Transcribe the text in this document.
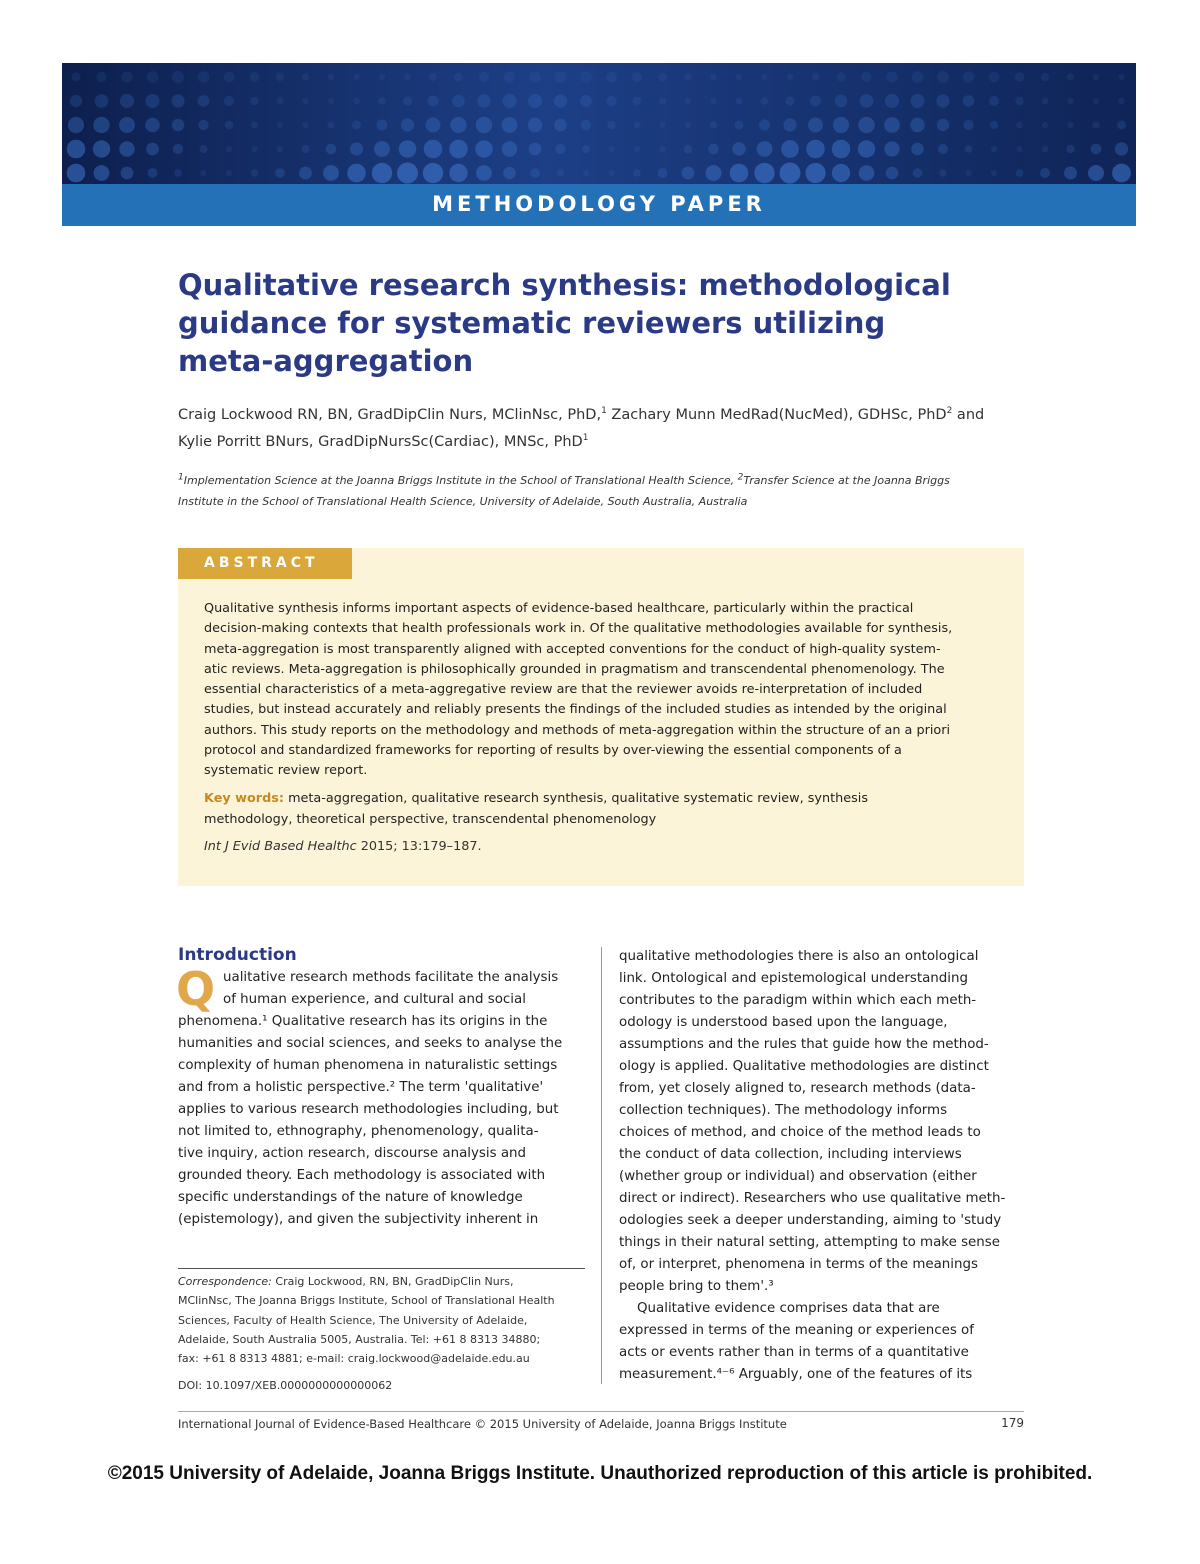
METHODOLOGY PAPER
Qualitative research synthesis: methodological
guidance for systematic reviewers utilizing
meta-aggregation
Craig Lockwood RN, BN, GradDipClin Nurs, MClinNsc, PhD,$^1$ Zachary Munn MedRad(NucMed), GDHSc, PhD$^2$ and
Kylie Porritt BNurs, GradDipNursSc(Cardiac), MNSc, PhD$^1$
$^1$Implementation Science at the Joanna Briggs Institute in the School of Translational Health Science, $^2$Transfer Science at the Joanna Briggs
Institute in the School of Translational Health Science, University of Adelaide, South Australia, Australia
ABSTRACT
Qualitative synthesis informs important aspects of evidence-based healthcare, particularly within the practical
decision-making contexts that health professionals work in. Of the qualitative methodologies available for synthesis,
meta-aggregation is most transparently aligned with accepted conventions for the conduct of high-quality system-
atic reviews. Meta-aggregation is philosophically grounded in pragmatism and transcendental phenomenology. The
essential characteristics of a meta-aggregative review are that the reviewer avoids re-interpretation of included
studies, but instead accurately and reliably presents the findings of the included studies as intended by the original
authors. This study reports on the methodology and methods of meta-aggregation within the structure of an a priori
protocol and standardized frameworks for reporting of results by over-viewing the essential components of a
systematic review report.
Key words: meta-aggregation, qualitative research synthesis, qualitative systematic review, synthesis
methodology, theoretical perspective, transcendental phenomenology
Int J Evid Based Healthc 2015; 13:179–187.
Introduction
Q ualitative research methods facilitate the analysis
of human experience, and cultural and social
phenomena.¹ Qualitative research has its origins in the
humanities and social sciences, and seeks to analyse the
complexity of human phenomena in naturalistic settings
and from a holistic perspective.² The term 'qualitative'
applies to various research methodologies including, but
not limited to, ethnography, phenomenology, qualita-
tive inquiry, action research, discourse analysis and
grounded theory. Each methodology is associated with
specific understandings of the nature of knowledge
(epistemology), and given the subjectivity inherent in
qualitative methodologies there is also an ontological
link. Ontological and epistemological understanding
contributes to the paradigm within which each meth-
odology is understood based upon the language,
assumptions and the rules that guide how the method-
ology is applied. Qualitative methodologies are distinct
from, yet closely aligned to, research methods (data-
collection techniques). The methodology informs
choices of method, and choice of the method leads to
the conduct of data collection, including interviews
(whether group or individual) and observation (either
direct or indirect). Researchers who use qualitative meth-
odologies seek a deeper understanding, aiming to 'study
things in their natural setting, attempting to make sense
of, or interpret, phenomena in terms of the meanings
people bring to them'.³
Qualitative evidence comprises data that are
expressed in terms of the meaning or experiences of
acts or events rather than in terms of a quantitative
measurement.⁴⁻⁶ Arguably, one of the features of its
Correspondence: Craig Lockwood, RN, BN, GradDipClin Nurs,
MClinNsc, The Joanna Briggs Institute, School of Translational Health
Sciences, Faculty of Health Science, The University of Adelaide,
Adelaide, South Australia 5005, Australia. Tel: +61 8 8313 34880;
fax: +61 8 8313 4881; e-mail: craig.lockwood@adelaide.edu.au
DOI: 10.1097/XEB.0000000000000062
International Journal of Evidence-Based Healthcare © 2015 University of Adelaide, Joanna Briggs Institute	179
©2015 University of Adelaide, Joanna Briggs Institute. Unauthorized reproduction of this article is prohibited.
